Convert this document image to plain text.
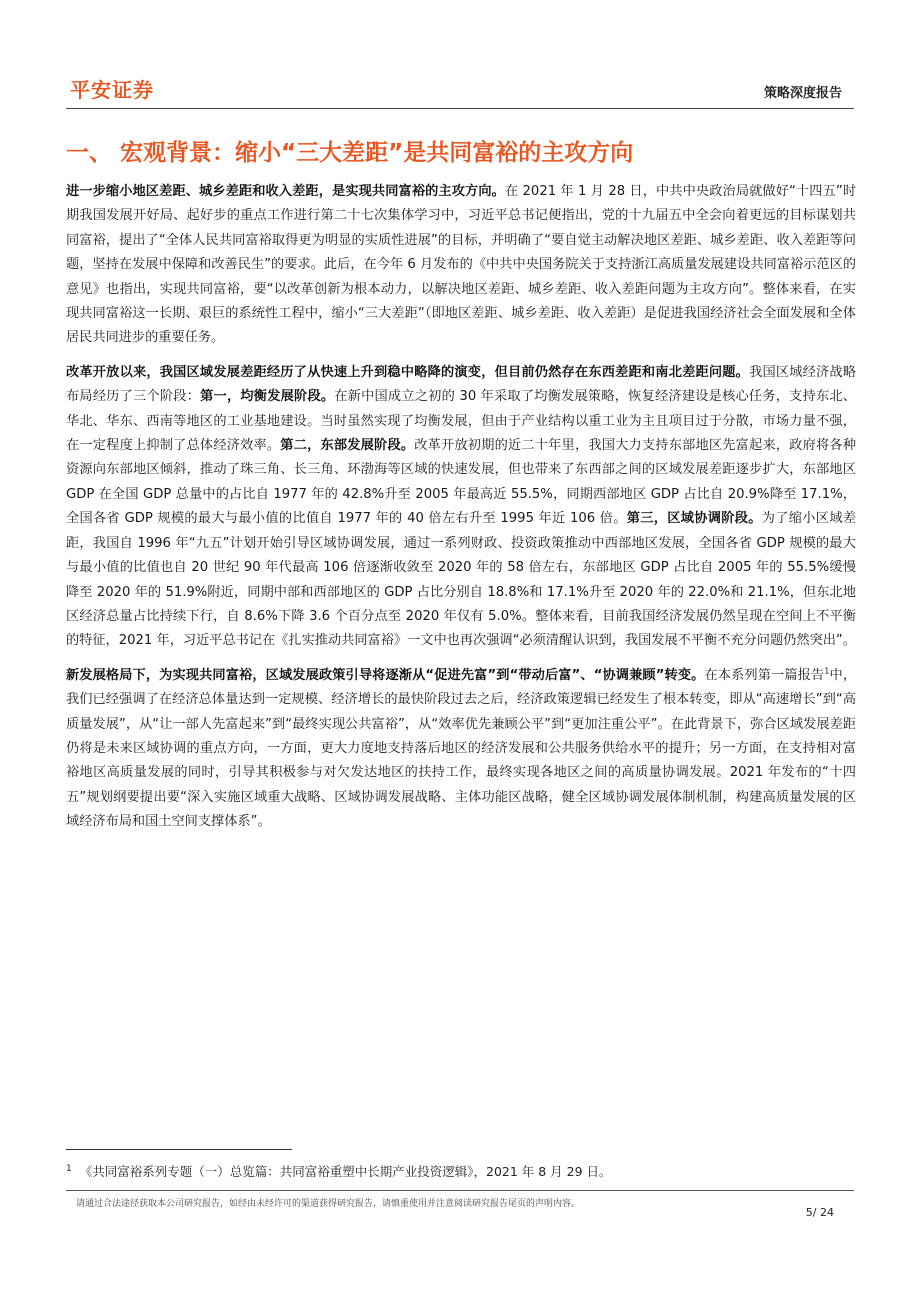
平安证券	策略深度报告
一、 宏观背景：缩小“三大差距”是共同富裕的主攻方向

进一步缩小地区差距、城乡差距和收入差距，是实现共同富裕的主攻方向。在 2021 年 1 月 28 日，中共中央政治局就做好“十四五”时期我国发展开好局、起好步的重点工作进行第二十七次集体学习中，习近平总书记便指出，党的十九届五中全会向着更远的目标谋划共同富裕，提出了“全体人民共同富裕取得更为明显的实质性进展”的目标，并明确了“要自觉主动解决地区差距、城乡差距、收入差距等问题，坚持在发展中保障和改善民生”的要求。此后，在今年 6 月发布的《中共中央国务院关于支持浙江高质量发展建设共同富裕示范区的意见》也指出，实现共同富裕，要“以改革创新为根本动力，以解决地区差距、城乡差距、收入差距问题为主攻方向”。整体来看，在实现共同富裕这一长期、艰巨的系统性工程中，缩小“三大差距”（即地区差距、城乡差距、收入差距）是促进我国经济社会全面发展和全体居民共同进步的重要任务。

改革开放以来，我国区域发展差距经历了从快速上升到稳中略降的演变，但目前仍然存在东西差距和南北差距问题。我国区域经济战略布局经历了三个阶段：第一，均衡发展阶段。在新中国成立之初的 30 年采取了均衡发展策略，恢复经济建设是核心任务，支持东北、华北、华东、西南等地区的工业基地建设。当时虽然实现了均衡发展，但由于产业结构以重工业为主且项目过于分散，市场力量不强，在一定程度上抑制了总体经济效率。第二，东部发展阶段。改革开放初期的近二十年里，我国大力支持东部地区先富起来，政府将各种资源向东部地区倾斜，推动了珠三角、长三角、环渤海等区域的快速发展，但也带来了东西部之间的区域发展差距逐步扩大，东部地区 GDP 在全国 GDP 总量中的占比自 1977 年的 42.8%升至 2005 年最高近 55.5%，同期西部地区 GDP 占比自 20.9%降至 17.1%，全国各省 GDP 规模的最大与最小值的比值自 1977 年的 40 倍左右升至 1995 年近 106 倍。第三，区域协调阶段。为了缩小区域差距，我国自 1996 年“九五”计划开始引导区域协调发展，通过一系列财政、投资政策推动中西部地区发展，全国各省 GDP 规模的最大与最小值的比值也自 20 世纪 90 年代最高 106 倍逐渐收敛至 2020 年的 58 倍左右，东部地区 GDP 占比自 2005 年的 55.5%缓慢降至 2020 年的 51.9%附近，同期中部和西部地区的 GDP 占比分别自 18.8%和 17.1%升至 2020 年的 22.0%和 21.1%，但东北地区经济总量占比持续下行，自 8.6%下降 3.6 个百分点至 2020 年仅有 5.0%。整体来看，目前我国经济发展仍然呈现在空间上不平衡的特征，2021 年，习近平总书记在《扎实推动共同富裕》一文中也再次强调“必须清醒认识到，我国发展不平衡不充分问题仍然突出”。

新发展格局下，为实现共同富裕，区域发展政策引导将逐渐从“促进先富”到“带动后富”、“协调兼顾”转变。在本系列第一篇报告$^1$中，我们已经强调了在经济总体量达到一定规模、经济增长的最快阶段过去之后，经济政策逻辑已经发生了根本转变，即从“高速增长”到“高质量发展”，从“让一部人先富起来”到“最终实现公共富裕”，从“效率优先兼顾公平”到“更加注重公平”。在此背景下，弥合区域发展差距仍将是未来区域协调的重点方向，一方面，更大力度地支持落后地区的经济发展和公共服务供给水平的提升；另一方面，在支持相对富裕地区高质量发展的同时，引导其积极参与对欠发达地区的扶持工作，最终实现各地区之间的高质量协调发展。2021 年发布的“十四五”规划纲要提出要“深入实施区域重大战略、区域协调发展战略、主体功能区战略，健全区域协调发展体制机制，构建高质量发展的区域经济布局和国土空间支撑体系”。

$^1$ 《共同富裕系列专题（一）总览篇：共同富裕重塑中长期产业投资逻辑》，2021 年 8 月 29 日。
请通过合法途径获取本公司研究报告，如经由未经许可的渠道获得研究报告，请慎重使用并注意阅读研究报告尾页的声明内容。
5/ 24
